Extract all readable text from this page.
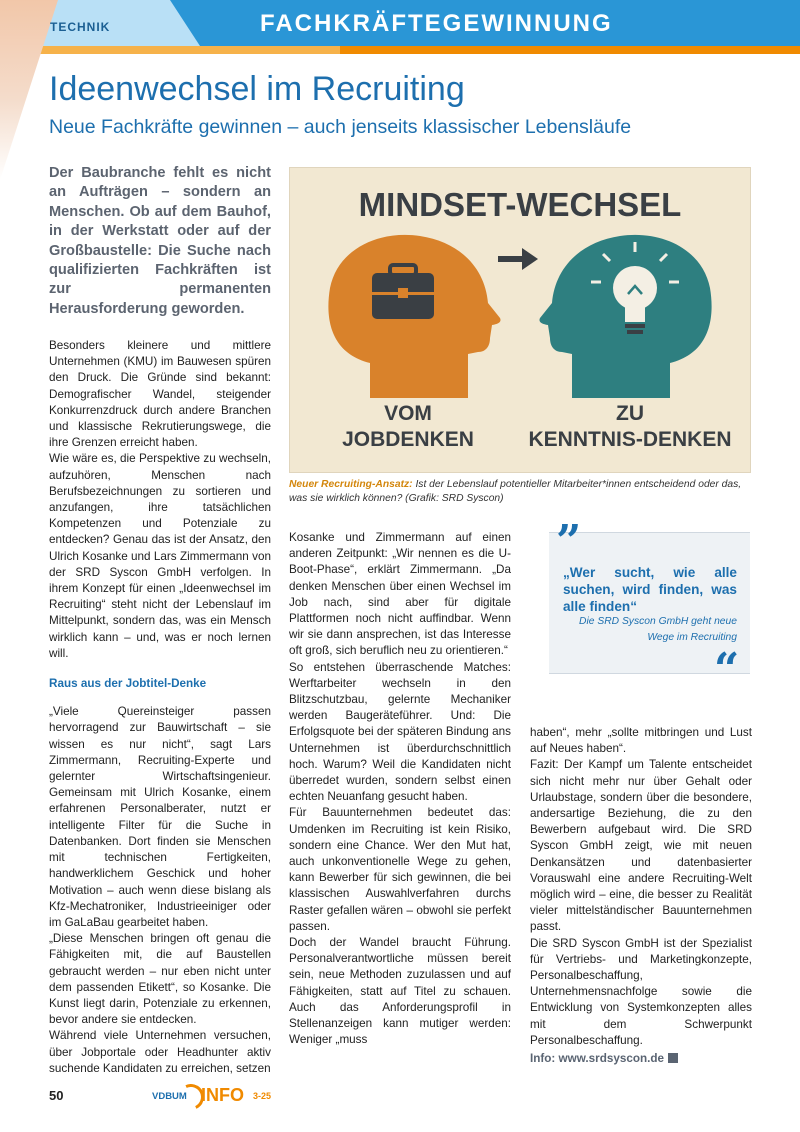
TECHNIK	FACHKRÄFTEGEWINNUNG
Ideenwechsel im Recruiting
Neue Fachkräfte gewinnen – auch jenseits klassischer Lebensläufe
Der Baubranche fehlt es nicht an Aufträgen – sondern an Menschen. Ob auf dem Bauhof, in der Werkstatt oder auf der Großbaustelle: Die Suche nach qualifizierten Fachkräften ist zur permanenten Herausforderung geworden.

Besonders kleinere und mittlere Unternehmen (KMU) im Bauwesen spüren den Druck. Die Gründe sind bekannt: Demografischer Wandel, steigender Konkurrenzdruck durch andere Branchen und klassische Rekrutierungswege, die ihre Grenzen erreicht haben.

Wie wäre es, die Perspektive zu wechseln, aufzuhören, Menschen nach Berufsbezeichnungen zu sortieren und anzufangen, ihre tatsächlichen Kompetenzen und Potenziale zu entdecken? Genau das ist der Ansatz, den Ulrich Kosanke und Lars Zimmermann von der SRD Syscon GmbH verfolgen. In ihrem Konzept für einen „Ideenwechsel im Recruiting“ steht nicht der Lebenslauf im Mittelpunkt, sondern das, was ein Mensch wirklich kann – und, was er noch lernen will.

Raus aus der Jobtitel-Denke

„Viele Quereinsteiger passen hervorragend zur Bauwirtschaft – sie wissen es nur nicht“, sagt Lars Zimmermann, Recruiting-Experte und gelernter Wirtschaftsingenieur. Gemeinsam mit Ulrich Kosanke, einem erfahrenen Personalberater, nutzt er intelligente Filter für die Suche in Datenbanken. Dort finden sie Menschen mit technischen Fertigkeiten, handwerklichem Geschick und hoher Motivation – auch wenn diese bislang als Kfz-Mechatroniker, Industrieeiniger oder im GaLaBau gearbeitet haben.

„Diese Menschen bringen oft genau die Fähigkeiten mit, die auf Baustellen gebraucht werden – nur eben nicht unter dem passenden Etikett“, so Kosanke. Die Kunst liegt darin, Potenziale zu erkennen, bevor andere sie entdecken.

Während viele Unternehmen versuchen, über Jobportale oder Headhunter aktiv suchende Kandidaten zu erreichen, setzen

MINDSET-WECHSEL
VOM
JOBDENKEN
ZU
KENNTNIS-DENKEN
Neuer Recruiting-Ansatz: Ist der Lebenslauf potentieller Mitarbeiter*innen entscheidend oder das, was sie wirklich können? (Grafik: SRD Syscon)

Kosanke und Zimmermann auf einen anderen Zeitpunkt: „Wir nennen es die U-Boot-Phase“, erklärt Zimmermann. „Da denken Menschen über einen Wechsel im Job nach, sind aber für digitale Plattformen noch nicht auffindbar. Wenn wir sie dann ansprechen, ist das Interesse oft groß, sich beruflich neu zu orientieren.“

So entstehen überraschende Matches: Werftarbeiter wechseln in den Blitzschutzbau, gelernte Mechaniker werden Baugeräteführer. Und: Die Erfolgsquote bei der späteren Bindung ans Unternehmen ist überdurchschnittlich hoch. Warum? Weil die Kandidaten nicht überredet wurden, sondern selbst einen echten Neuanfang gesucht haben.

Für Bauunternehmen bedeutet das: Umdenken im Recruiting ist kein Risiko, sondern eine Chance. Wer den Mut hat, auch unkonventionelle Wege zu gehen, kann Bewerber für sich gewinnen, die bei klassischen Auswahlverfahren durchs Raster gefallen wären – obwohl sie perfekt passen.

Doch der Wandel braucht Führung. Personalverantwortliche müssen bereit sein, neue Methoden zuzulassen und auf Fähigkeiten, statt auf Titel zu schauen. Auch das Anforderungsprofil in Stellenanzeigen kann mutiger werden: Weniger „muss

”
„Wer sucht, wie alle suchen, wird finden, was alle finden“
Die SRD Syscon GmbH geht neue Wege im Recruiting
“

haben“, mehr „sollte mitbringen und Lust auf Neues haben“.

Fazit: Der Kampf um Talente entscheidet sich nicht mehr nur über Gehalt oder Urlaubstage, sondern über die besondere, andersartige Beziehung, die zu den Bewerbern aufgebaut wird. Die SRD Syscon GmbH zeigt, wie mit neuen Denkansätzen und datenbasierter Vorauswahl eine andere Recruiting-Welt möglich wird – eine, die besser zu Realität vieler mittelständischer Bauunternehmen passt.

Die SRD Syscon GmbH ist der Spezialist für Vertriebs- und Marketingkonzepte, Personalbeschaffung, Unternehmensnachfolge sowie die Entwicklung von Systemkonzepten alles mit dem Schwerpunkt Personalbeschaffung.

Info: www.srdsyscon.de

50	VDBUM INFO 3-25
